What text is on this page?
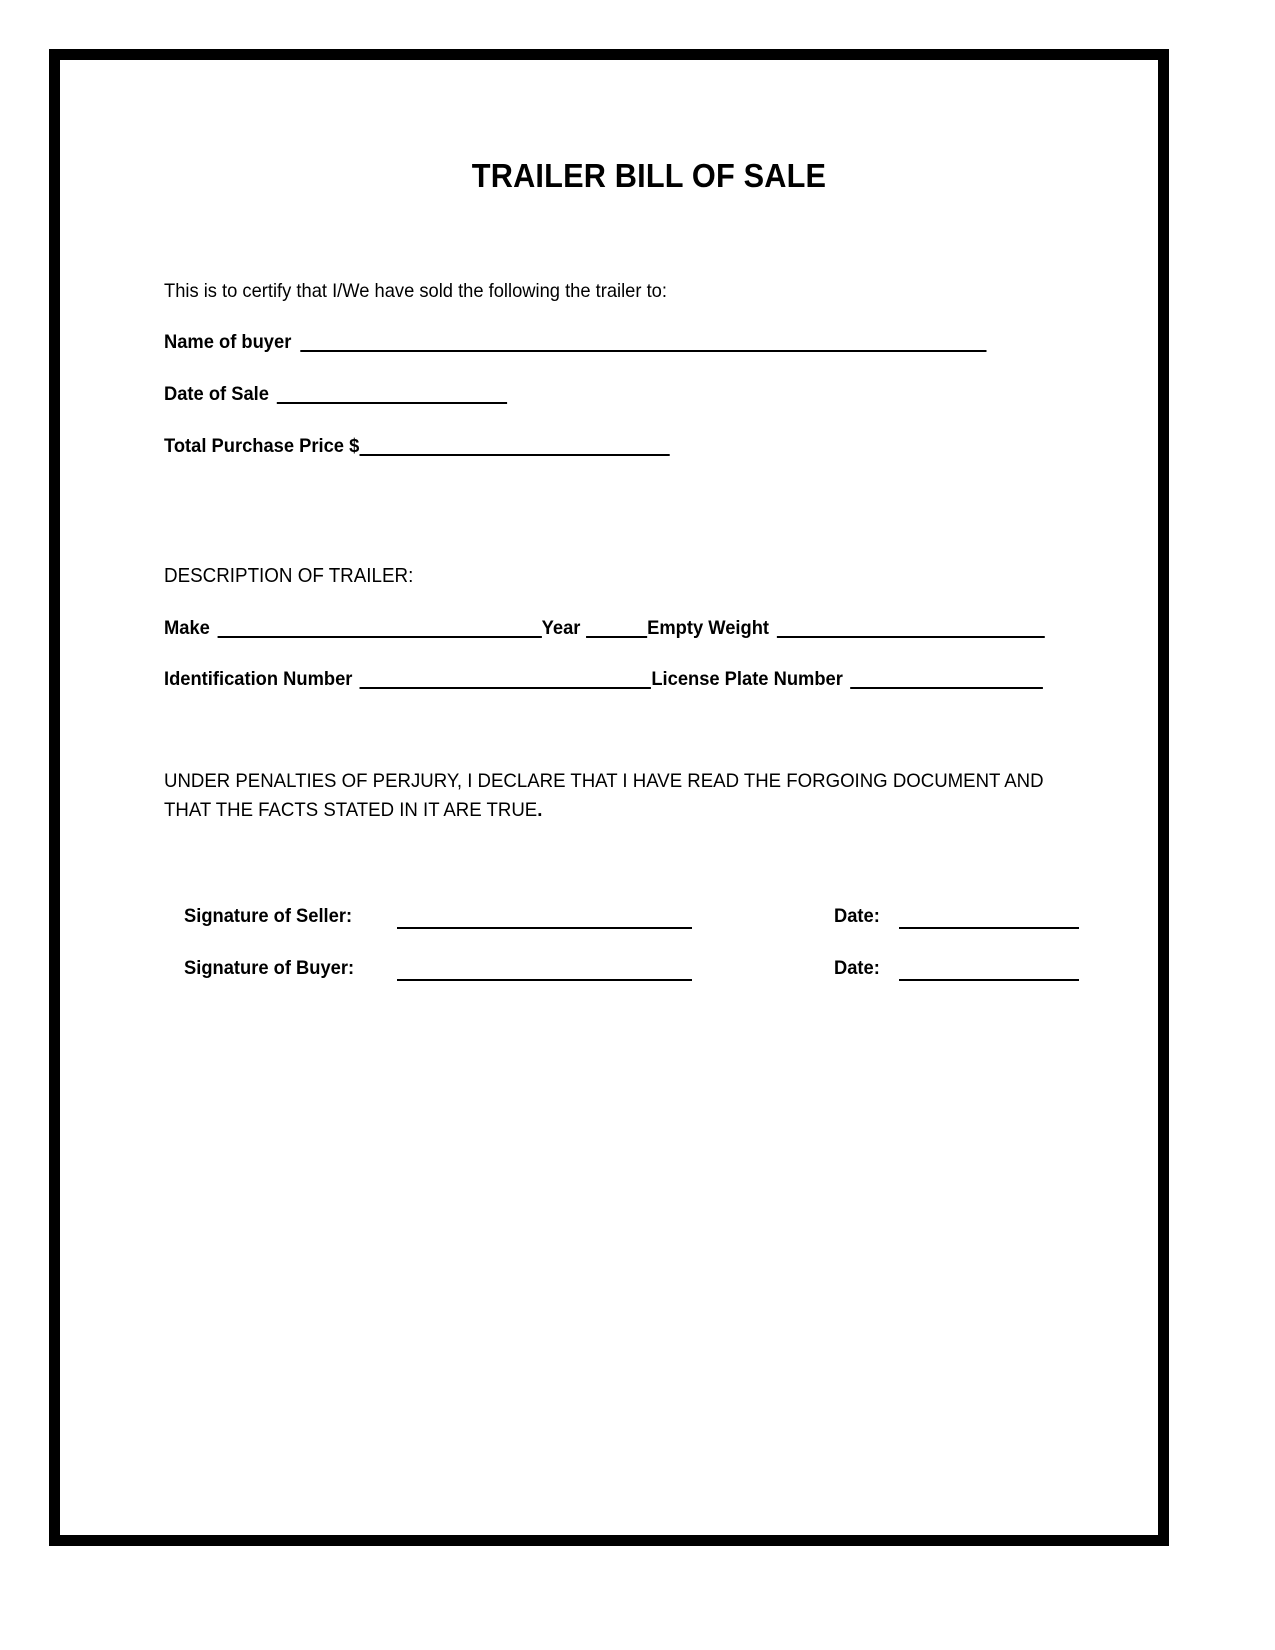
TRAILER BILL OF SALE
This is to certify that I/We have sold the following the trailer to:
Name of buyer
Date of Sale
Total Purchase Price $
DESCRIPTION OF TRAILER:
Make	Year	Empty Weight
Identification Number	License Plate Number
UNDER PENALTIES OF PERJURY, I DECLARE THAT I HAVE READ THE FORGOING DOCUMENT AND THAT THE FACTS STATED IN IT ARE TRUE.
Signature of Seller:	Date:
Signature of Buyer:	Date:
